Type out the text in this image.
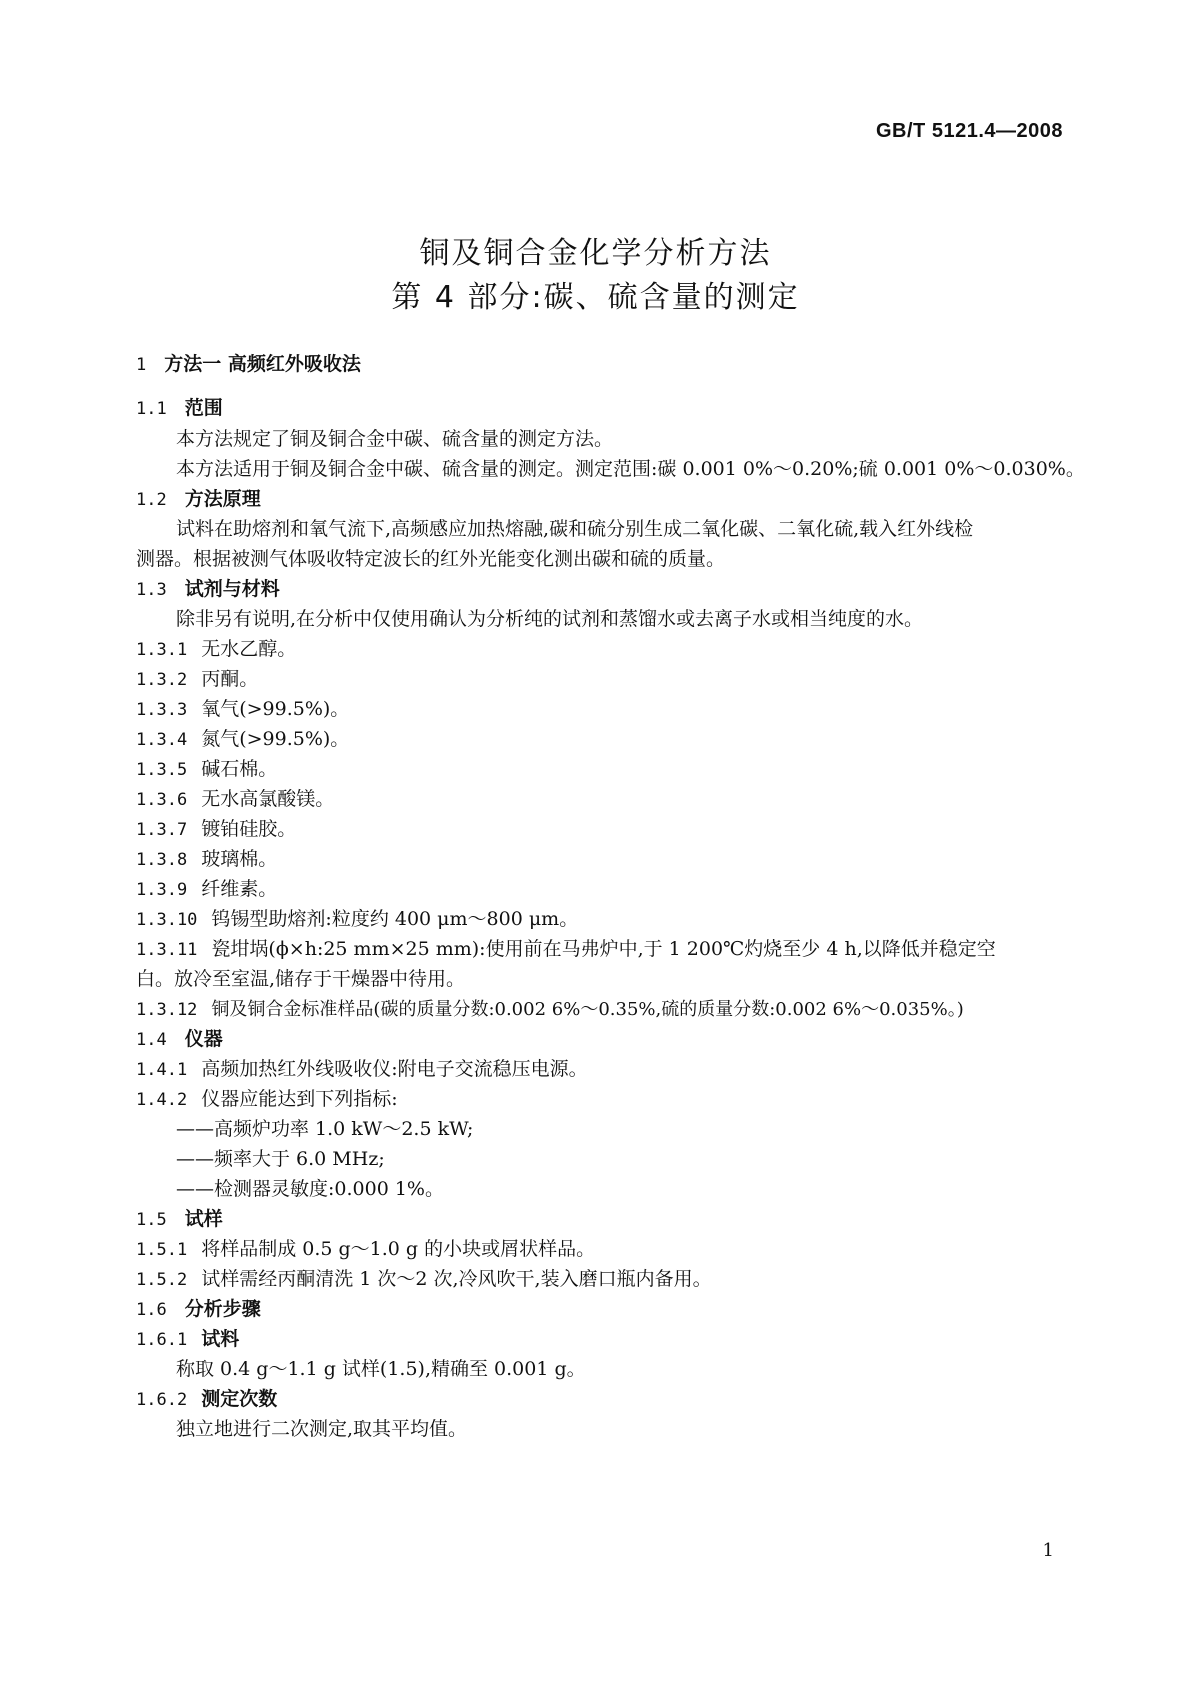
GB/T 5121.4—2008
铜及铜合金化学分析方法
第 4 部分:碳、硫含量的测定
1 方法一 高频红外吸收法
1.1 范围
本方法规定了铜及铜合金中碳、硫含量的测定方法。
本方法适用于铜及铜合金中碳、硫含量的测定。测定范围:碳 0.001 0%～0.20%;硫 0.001 0%～0.030%。
1.2 方法原理
试料在助熔剂和氧气流下,高频感应加热熔融,碳和硫分别生成二氧化碳、二氧化硫,载入红外线检
测器。根据被测气体吸收特定波长的红外光能变化测出碳和硫的质量。
1.3 试剂与材料
除非另有说明,在分析中仅使用确认为分析纯的试剂和蒸馏水或去离子水或相当纯度的水。
1.3.1 无水乙醇。
1.3.2 丙酮。
1.3.3 氧气(>99.5%)。
1.3.4 氮气(>99.5%)。
1.3.5 碱石棉。
1.3.6 无水高氯酸镁。
1.3.7 镀铂硅胶。
1.3.8 玻璃棉。
1.3.9 纤维素。
1.3.10 钨锡型助熔剂:粒度约 400 μm～800 μm。
1.3.11 瓷坩埚(ϕ×h:25 mm×25 mm):使用前在马弗炉中,于 1 200℃灼烧至少 4 h,以降低并稳定空
白。放冷至室温,储存于干燥器中待用。
1.3.12 铜及铜合金标准样品(碳的质量分数:0.002 6%～0.35%,硫的质量分数:0.002 6%～0.035%。)
1.4 仪器
1.4.1 高频加热红外线吸收仪:附电子交流稳压电源。
1.4.2 仪器应能达到下列指标:
——高频炉功率 1.0 kW～2.5 kW;
——频率大于 6.0 MHz;
——检测器灵敏度:0.000 1%。
1.5 试样
1.5.1 将样品制成 0.5 g～1.0 g 的小块或屑状样品。
1.5.2 试样需经丙酮清洗 1 次～2 次,冷风吹干,装入磨口瓶内备用。
1.6 分析步骤
1.6.1 试料
称取 0.4 g～1.1 g 试样(1.5),精确至 0.001 g。
1.6.2 测定次数
独立地进行二次测定,取其平均值。
1
